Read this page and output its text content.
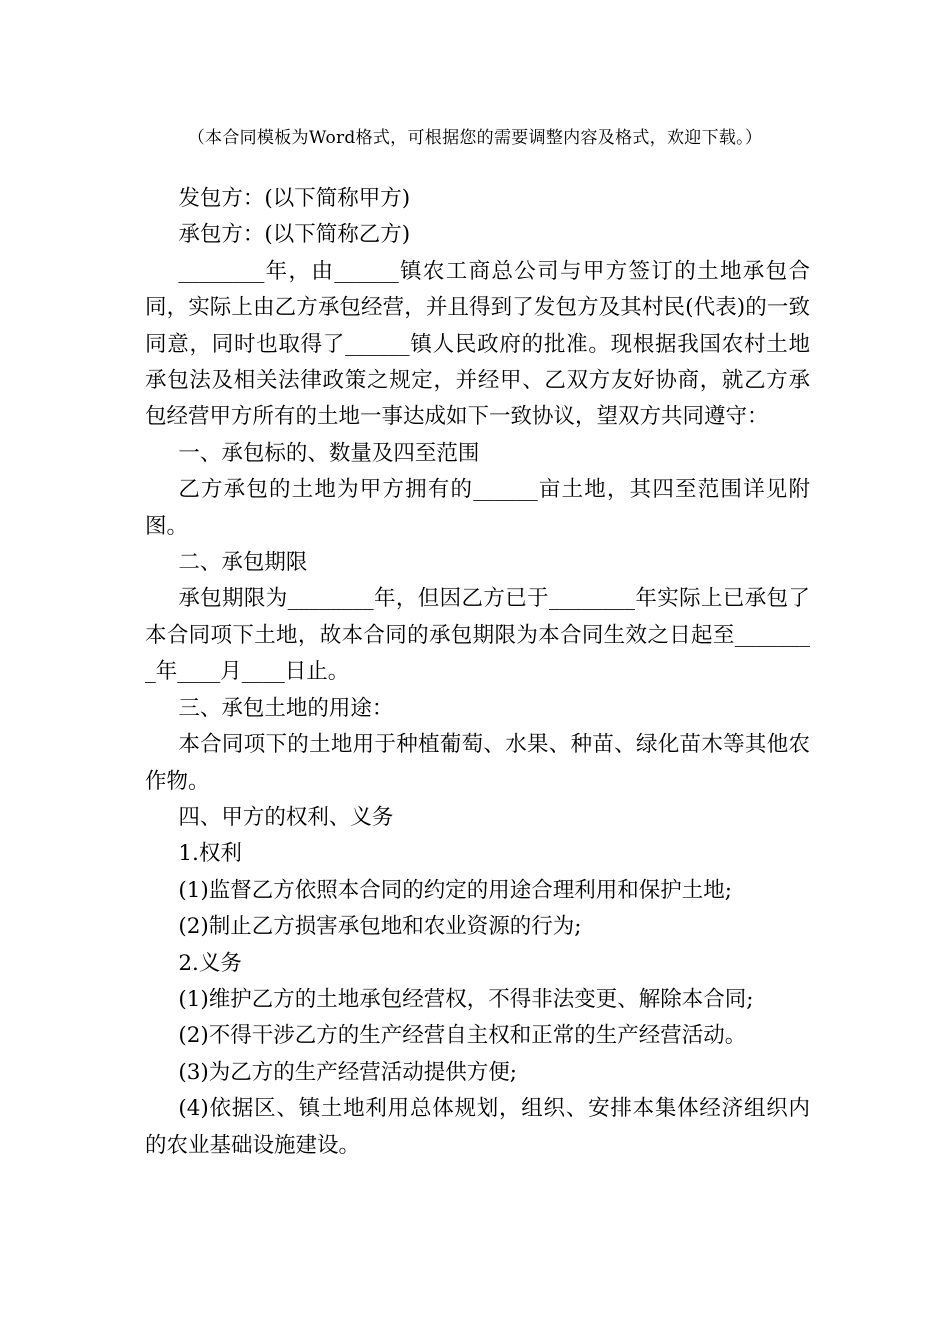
（本合同模板为Word格式，可根据您的需要调整内容及格式，欢迎下载。）

发包方：(以下简称甲方)

承包方：(以下简称乙方)

________年，由______镇农工商总公司与甲方签订的土地承包合同，实际上由乙方承包经营，并且得到了发包方及其村民(代表)的一致同意，同时也取得了______镇人民政府的批准。现根据我国农村土地承包法及相关法律政策之规定，并经甲、乙双方友好协商，就乙方承包经营甲方所有的土地一事达成如下一致协议，望双方共同遵守：

一、承包标的、数量及四至范围

乙方承包的土地为甲方拥有的______亩土地，其四至范围详见附图。

二、承包期限

承包期限为________年，但因乙方已于________年实际上已承包了本合同项下土地，故本合同的承包期限为本合同生效之日起至________年____月____日止。

三、承包土地的用途：

本合同项下的土地用于种植葡萄、水果、种苗、绿化苗木等其他农作物。

四、甲方的权利、义务

1.权利

(1)监督乙方依照本合同的约定的用途合理利用和保护土地;

(2)制止乙方损害承包地和农业资源的行为;

2.义务

(1)维护乙方的土地承包经营权，不得非法变更、解除本合同;

(2)不得干涉乙方的生产经营自主权和正常的生产经营活动。

(3)为乙方的生产经营活动提供方便;

(4)依据区、镇土地利用总体规划，组织、安排本集体经济组织内的农业基础设施建设。
